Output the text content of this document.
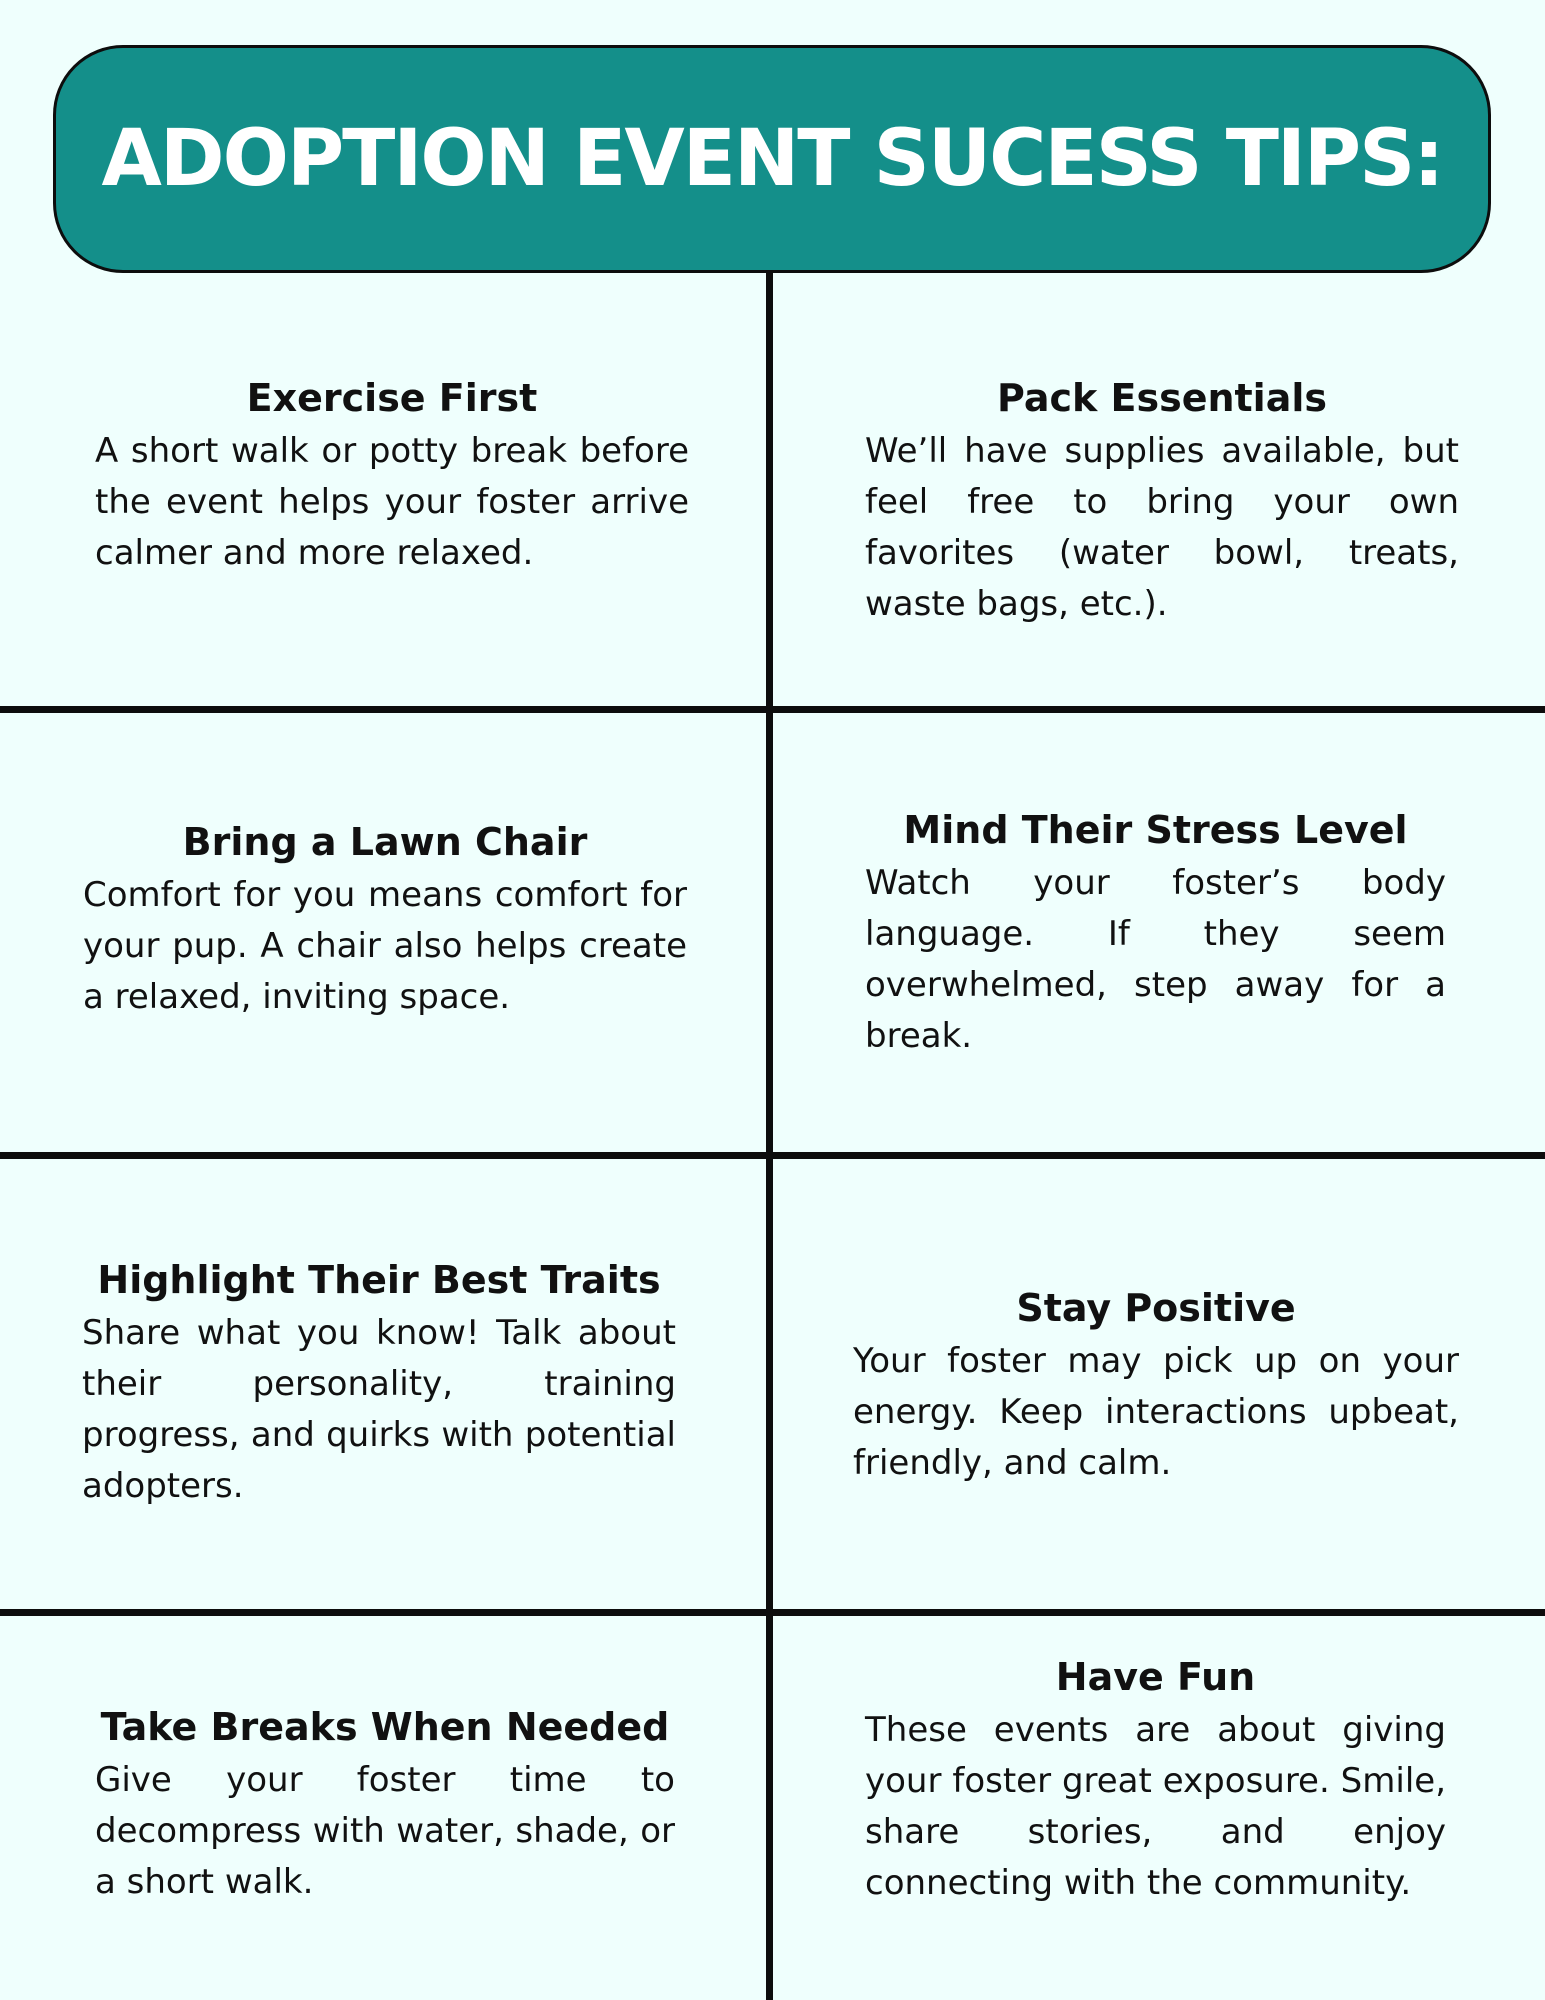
ADOPTION EVENT SUCESS TIPS:

Exercise First

A short walk or potty break before the event helps your foster arrive calmer and more relaxed.

Pack Essentials

We’ll have supplies available, but feel free to bring your own favorites (water bowl, treats, waste bags, etc.).

Bring a Lawn Chair

Comfort for you means comfort for your pup. A chair also helps create a relaxed, inviting space.

Mind Their Stress Level

Watch your foster’s body language. If they seem overwhelmed, step away for a break.

Highlight Their Best Traits

Share what you know! Talk about their personality, training progress, and quirks with potential adopters.

Stay Positive

Your foster may pick up on your energy. Keep interactions upbeat, friendly, and calm.

Take Breaks When Needed

Give your foster time to decompress with water, shade, or a short walk.

Have Fun

These events are about giving your foster great exposure. Smile, share stories, and enjoy connecting with the community.
